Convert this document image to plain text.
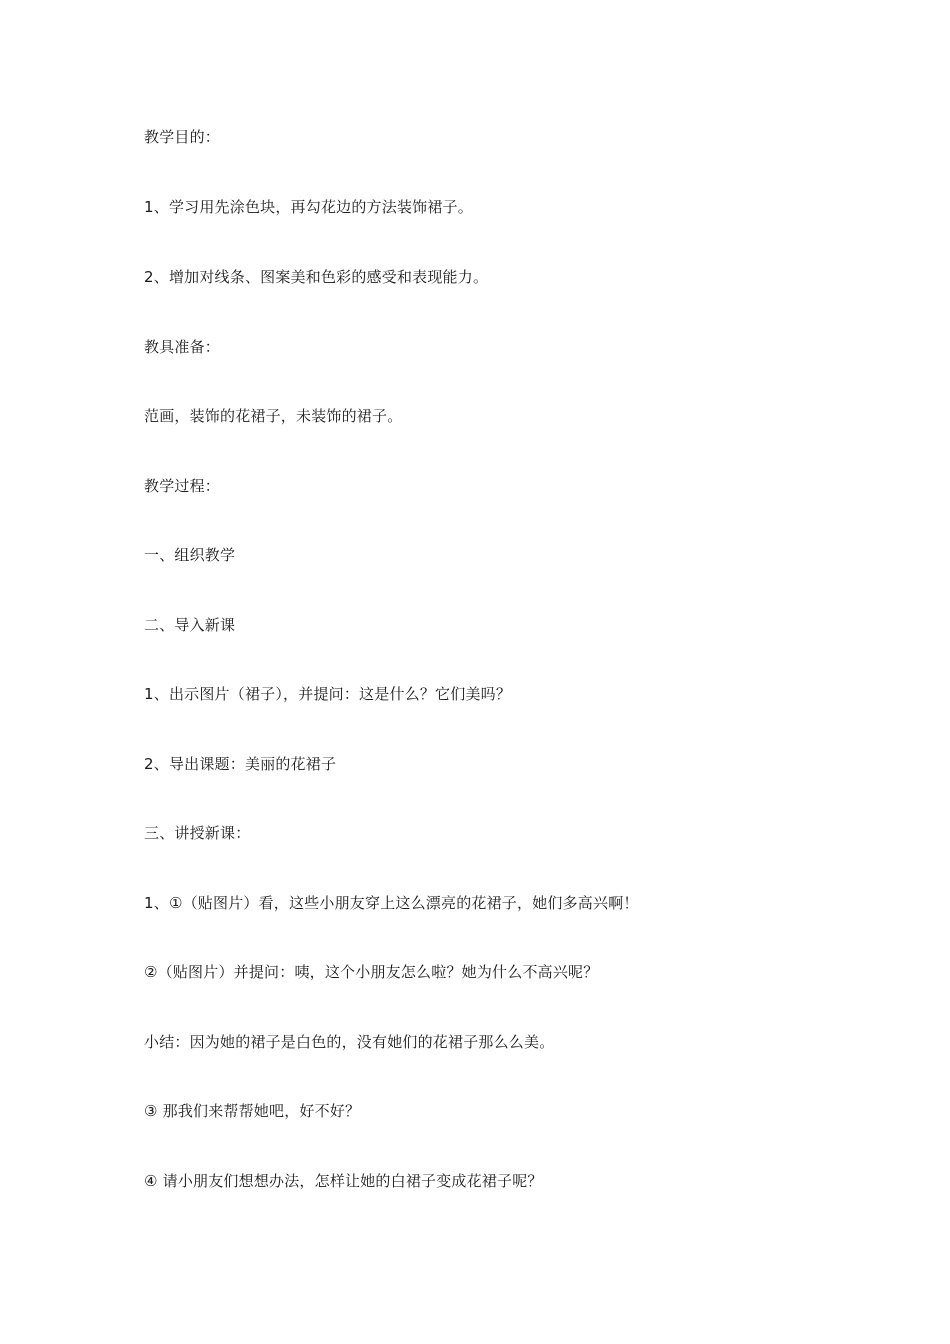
教学目的：
1、学习用先涂色块，再勾花边的方法装饰裙子。
2、增加对线条、图案美和色彩的感受和表现能力。
教具准备：
范画，装饰的花裙子，未装饰的裙子。
教学过程：
一、组织教学
二、导入新课
1、出示图片（裙子），并提问：这是什么？它们美吗？
2、导出课题：美丽的花裙子
三、讲授新课：
1、①（贴图片）看，这些小朋友穿上这么漂亮的花裙子，她们多高兴啊！
②（贴图片）并提问：咦，这个小朋友怎么啦？她为什么不高兴呢？
小结：因为她的裙子是白色的，没有她们的花裙子那么么美。
③ 那我们来帮帮她吧，好不好？
④ 请小朋友们想想办法，怎样让她的白裙子变成花裙子呢？
